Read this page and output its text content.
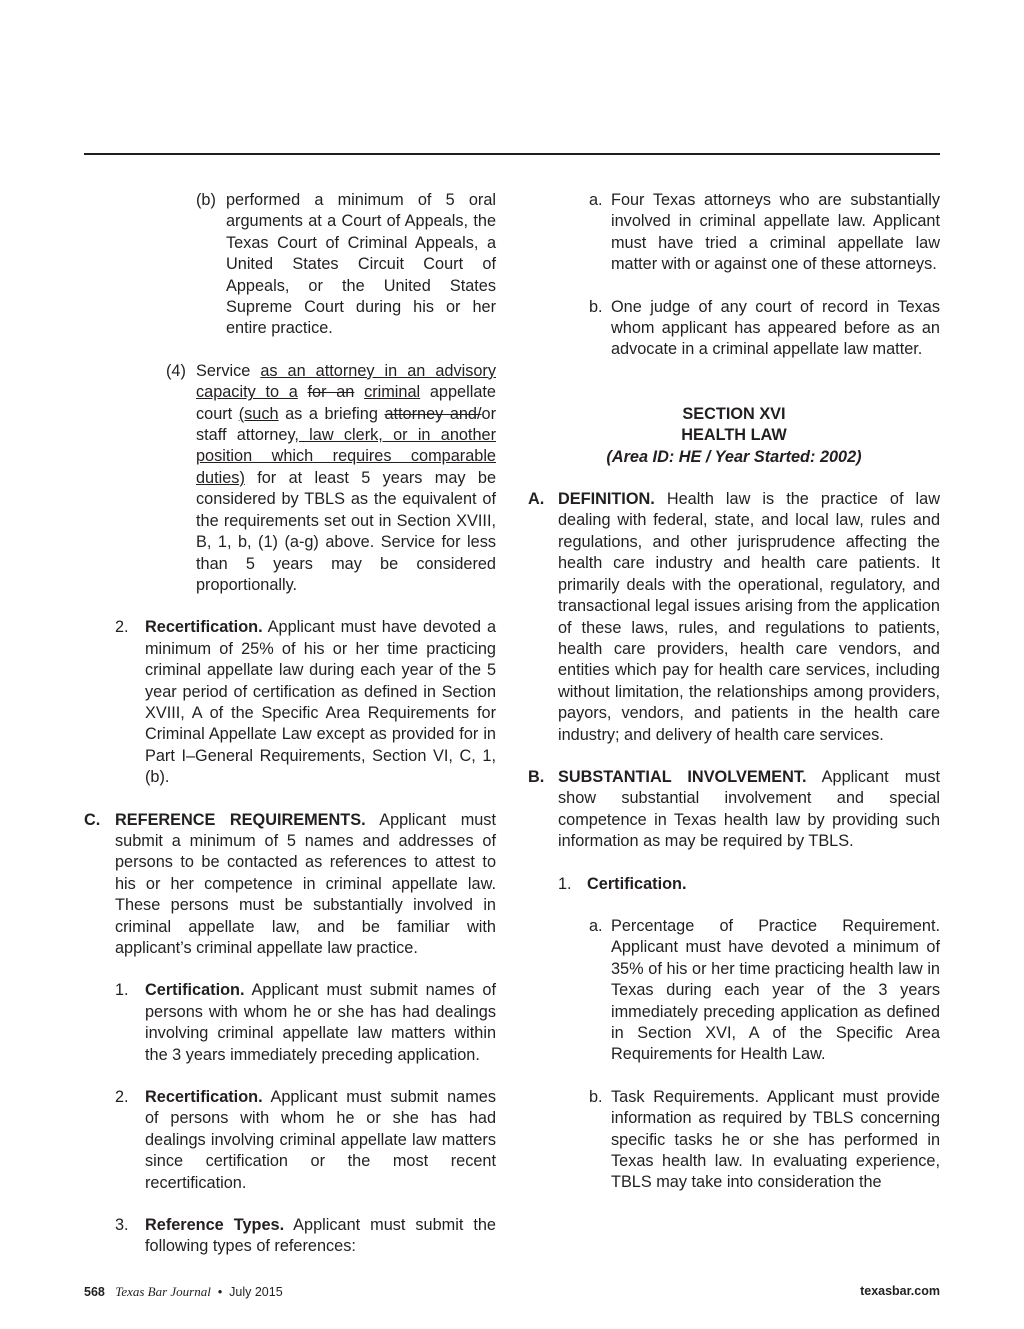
(b) performed a minimum of 5 oral arguments at a Court of Appeals, the Texas Court of Criminal Appeals, a United States Circuit Court of Appeals, or the United States Supreme Court during his or her entire practice.
(4) Service as an attorney in an advisory capacity to a for an criminal appellate court (such as a briefing attorney and/or staff attorney, law clerk, or in another position which requires comparable duties) for at least 5 years may be considered by TBLS as the equivalent of the requirements set out in Section XVIII, B, 1, b, (1) (a-g) above. Service for less than 5 years may be considered proportionally.
2. Recertification. Applicant must have devoted a minimum of 25% of his or her time practicing criminal appellate law during each year of the 5 year period of certification as defined in Section XVIII, A of the Specific Area Requirements for Criminal Appellate Law except as provided for in Part I–General Requirements, Section VI, C, 1, (b).
C. REFERENCE REQUIREMENTS. Applicant must submit a minimum of 5 names and addresses of persons to be contacted as references to attest to his or her competence in criminal appellate law. These persons must be substantially involved in criminal appellate law, and be familiar with applicant’s criminal appellate law practice.
1. Certification. Applicant must submit names of persons with whom he or she has had dealings involving criminal appellate law matters within the 3 years immediately preceding application.
2. Recertification. Applicant must submit names of persons with whom he or she has had dealings involving criminal appellate law matters since certification or the most recent recertification.
3. Reference Types. Applicant must submit the following types of references:
a. Four Texas attorneys who are substantially involved in criminal appellate law. Applicant must have tried a criminal appellate law matter with or against one of these attorneys.
b. One judge of any court of record in Texas whom applicant has appeared before as an advocate in a criminal appellate law matter.

SECTION XVI

HEALTH LAW

(Area ID: HE / Year Started: 2002)

A. DEFINITION. Health law is the practice of law dealing with federal, state, and local law, rules and regulations, and other jurisprudence affecting the health care industry and health care patients. It primarily deals with the operational, regulatory, and transactional legal issues arising from the application of these laws, rules, and regulations to patients, health care providers, health care vendors, and entities which pay for health care services, including without limitation, the relationships among providers, payors, vendors, and patients in the health care industry; and delivery of health care services.
B. SUBSTANTIAL INVOLVEMENT. Applicant must show substantial involvement and special competence in Texas health law by providing such information as may be required by TBLS.
1. Certification.
a. Percentage of Practice Requirement. Applicant must have devoted a minimum of 35% of his or her time practicing health law in Texas during each year of the 3 years immediately preceding application as defined in Section XVI, A of the Specific Area Requirements for Health Law.
b. Task Requirements. Applicant must provide information as required by TBLS concerning specific tasks he or she has performed in Texas health law. In evaluating experience, TBLS may take into consideration the
568 Texas Bar Journal • July 2015	texasbar.com
